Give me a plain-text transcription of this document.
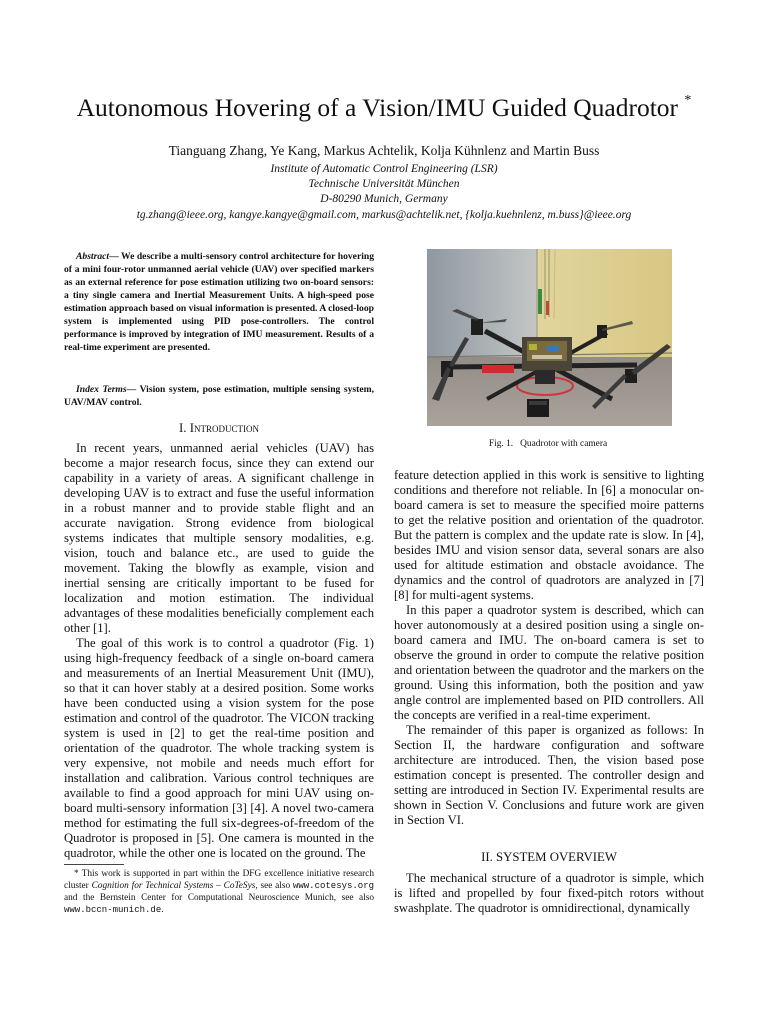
Autonomous Hovering of a Vision/IMU Guided Quadrotor *
Tianguang Zhang, Ye Kang, Markus Achtelik, Kolja Kühnlenz and Martin Buss
Institute of Automatic Control Engineering (LSR)
Technische Universität München
D-80290 Munich, Germany
tg.zhang@ieee.org, kangye.kangye@gmail.com, markus@achtelik.net, {kolja.kuehnlenz, m.buss}@ieee.org
Abstract— We describe a multi-sensory control architecture for hovering of a mini four-rotor unmanned aerial vehicle (UAV) over specified markers as an external reference for pose estimation utilizing two on-board sensors: a tiny single camera and Inertial Measurement Units. A high-speed pose estimation approach based on visual information is presented. A closed-loop system is implemented using PID pose-controllers. The control performance is improved by integration of IMU measurement. Results of a real-time experiment are presented.
Index Terms— Vision system, pose estimation, multiple sensing system, UAV/MAV control.
I. Introduction

In recent years, unmanned aerial vehicles (UAV) has become a major research focus, since they can extend our capability in a variety of areas. A significant challenge in developing UAV is to extract and fuse the useful information in a robust manner and to provide stable flight and an accurate navigation. Strong evidence from biological systems indicates that multiple sensory modalities, e.g. vision, touch and balance etc., are used to guide the movement. Taking the blowfly as example, vision and inertial sensing are critically important to be fused for localization and motion estimation. The individual advantages of these modalities beneficially complement each other [1].

The goal of this work is to control a quadrotor (Fig. 1) using high-frequency feedback of a single on-board camera and measurements of an Inertial Measurement Unit (IMU), so that it can hover stably at a desired position. Some works have been conducted using a vision system for the pose estimation and control of the quadrotor. The VICON tracking system is used in [2] to get the real-time position and orientation of the quadrotor. The whole tracking system is very expensive, not mobile and needs much effort for installation and calibration. Various control techniques are available to find a good approach for mini UAV using on-board multi-sensory information [3] [4]. A novel two-camera method for estimating the full six-degrees-of-freedom of the Quadrotor is proposed in [5]. One camera is mounted in the quadrotor, while the other one is located on the ground. The

* This work is supported in part within the DFG excellence initiative research cluster Cognition for Technical Systems – CoTeSys, see also www.cotesys.org and the Bernstein Center for Computational Neuroscience Munich, see also www.bccn-munich.de.
Fig. 1. Quadrotor with camera

feature detection applied in this work is sensitive to lighting conditions and therefore not reliable. In [6] a monocular on-board camera is set to measure the specified moire patterns to get the relative position and orientation of the quadrotor. But the pattern is complex and the update rate is slow. In [4], besides IMU and vision sensor data, several sonars are also used for altitude estimation and obstacle avoidance. The dynamics and the control of quadrotors are analyzed in [7] [8] for multi-agent systems.

In this paper a quadrotor system is described, which can hover autonomously at a desired position using a single on-board camera and IMU. The on-board camera is set to observe the ground in order to compute the relative position and orientation between the quadrotor and the markers on the ground. Using this information, both the position and yaw angle control are implemented based on PID controllers. All the concepts are verified in a real-time experiment.

The remainder of this paper is organized as follows: In Section II, the hardware configuration and software architecture are introduced. Then, the vision based pose estimation concept is presented. The controller design and setting are introduced in Section IV. Experimental results are shown in Section V. Conclusions and future work are given in Section VI.

II. SYSTEM OVERVIEW

The mechanical structure of a quadrotor is simple, which is lifted and propelled by four fixed-pitch rotors without swashplate. The quadrotor is omnidirectional, dynamically
